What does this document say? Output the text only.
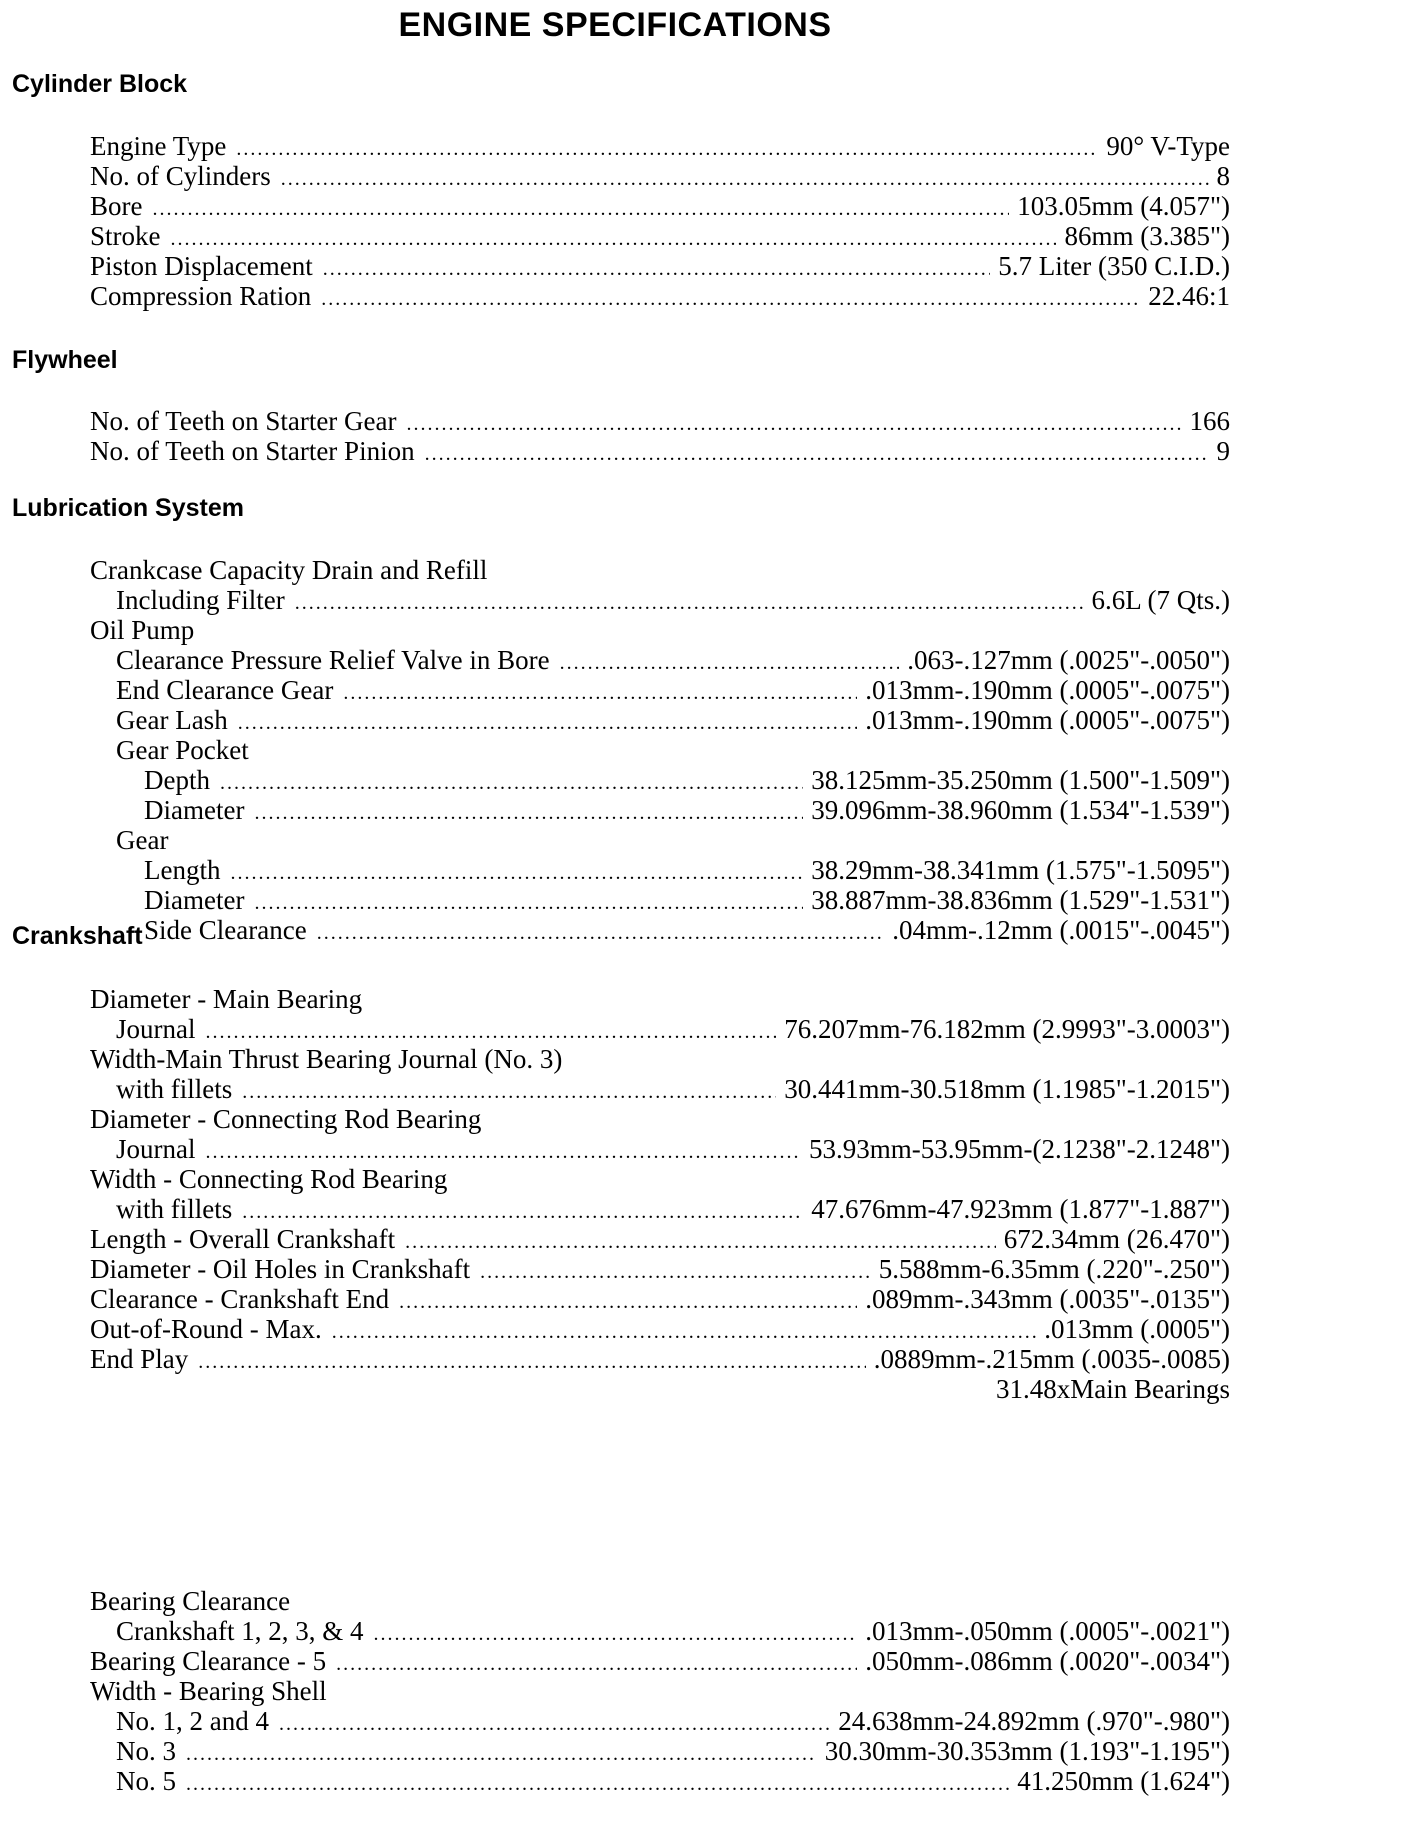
ENGINE SPECIFICATIONS
Cylinder Block
Engine Type .....	90° V-Type
No. of Cylinders .....	8
Bore .....	103.05mm (4.057")
Stroke .....	86mm (3.385")
Piston Displacement .....	5.7 Liter (350 C.I.D.)
Compression Ration .....	22.46:1
Flywheel
No. of Teeth on Starter Gear .....	166
No. of Teeth on Starter Pinion .....	9
Lubrication System
Crankcase Capacity Drain and Refill
Including Filter .....	6.6L (7 Qts.)
Oil Pump
Clearance Pressure Relief Valve in Bore .....	.063-.127mm (.0025"-.0050")
End Clearance Gear .....	.013mm-.190mm (.0005"-.0075")
Gear Lash .....	.013mm-.190mm (.0005"-.0075")
Gear Pocket
Depth .....	38.125mm-35.250mm (1.500"-1.509")
Diameter .....	39.096mm-38.960mm (1.534"-1.539")
Gear
Length .....	38.29mm-38.341mm (1.575"-1.5095")
Diameter .....	38.887mm-38.836mm (1.529"-1.531")
Side Clearance .....	.04mm-.12mm (.0015"-.0045")
Crankshaft
Diameter - Main Bearing
Journal .....	76.207mm-76.182mm (2.9993"-3.0003")
Width-Main Thrust Bearing Journal (No. 3)
with fillets .....	30.441mm-30.518mm (1.1985"-1.2015")
Diameter - Connecting Rod Bearing
Journal .....	53.93mm-53.95mm-(2.1238"-2.1248")
Width - Connecting Rod Bearing
with fillets .....	47.676mm-47.923mm (1.877"-1.887")
Length - Overall Crankshaft .....	672.34mm (26.470")
Diameter - Oil Holes in Crankshaft .....	5.588mm-6.35mm (.220"-.250")
Clearance - Crankshaft End .....	.089mm-.343mm (.0035"-.0135")
Out-of-Round - Max. .....	.013mm (.0005")
End Play .....	.0889mm-.215mm (.0035-.0085)
31.48xMain Bearings
Bearing Clearance
Crankshaft 1, 2, 3, & 4 .....	.013mm-.050mm (.0005"-.0021")
Bearing Clearance - 5 .....	.050mm-.086mm (.0020"-.0034")
Width - Bearing Shell
No. 1, 2 and 4 .....	24.638mm-24.892mm (.970"-.980")
No. 3 .....	30.30mm-30.353mm (1.193"-1.195")
No. 5 .....	41.250mm (1.624")
